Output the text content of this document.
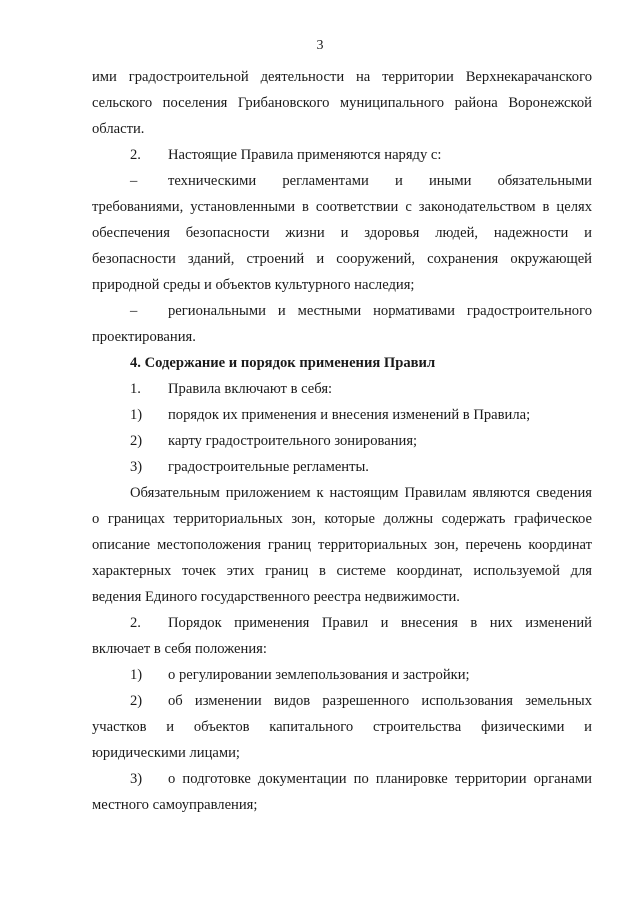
3

ими градостроительной деятельности на территории Верхнекарачанского

сельского поселения Грибановского муниципального района Воронежской

области.

2.	Настоящие Правила применяются наряду с:
–	техническими регламентами и иными обязательными

требованиями, установленными в соответствии с законодательством в целях

обеспечения безопасности жизни и здоровья людей, надежности и

безопасности зданий, строений и сооружений, сохранения окружающей

природной среды и объектов культурного наследия;

–	региональными и местными нормативами градостроительного

проектирования.

4. Содержание и порядок применения Правил

1.	Правила включают в себя:
1)	порядок их применения и внесения изменений в Правила;
2)	карту градостроительного зонирования;
3)	градостроительные регламенты.

Обязательным приложением к настоящим Правилам являются сведения

о границах территориальных зон, которые должны содержать графическое

описание местоположения границ территориальных зон, перечень координат

характерных точек этих границ в системе координат, используемой для

ведения Единого государственного реестра недвижимости.

2.	Порядок применения Правил и внесения в них изменений

включает в себя положения:

1)	о регулировании землепользования и застройки;
2)	об изменении видов разрешенного использования земельных

участков и объектов капитального строительства физическими и

юридическими лицами;

3)	о подготовке документации по планировке территории органами

местного самоуправления;
